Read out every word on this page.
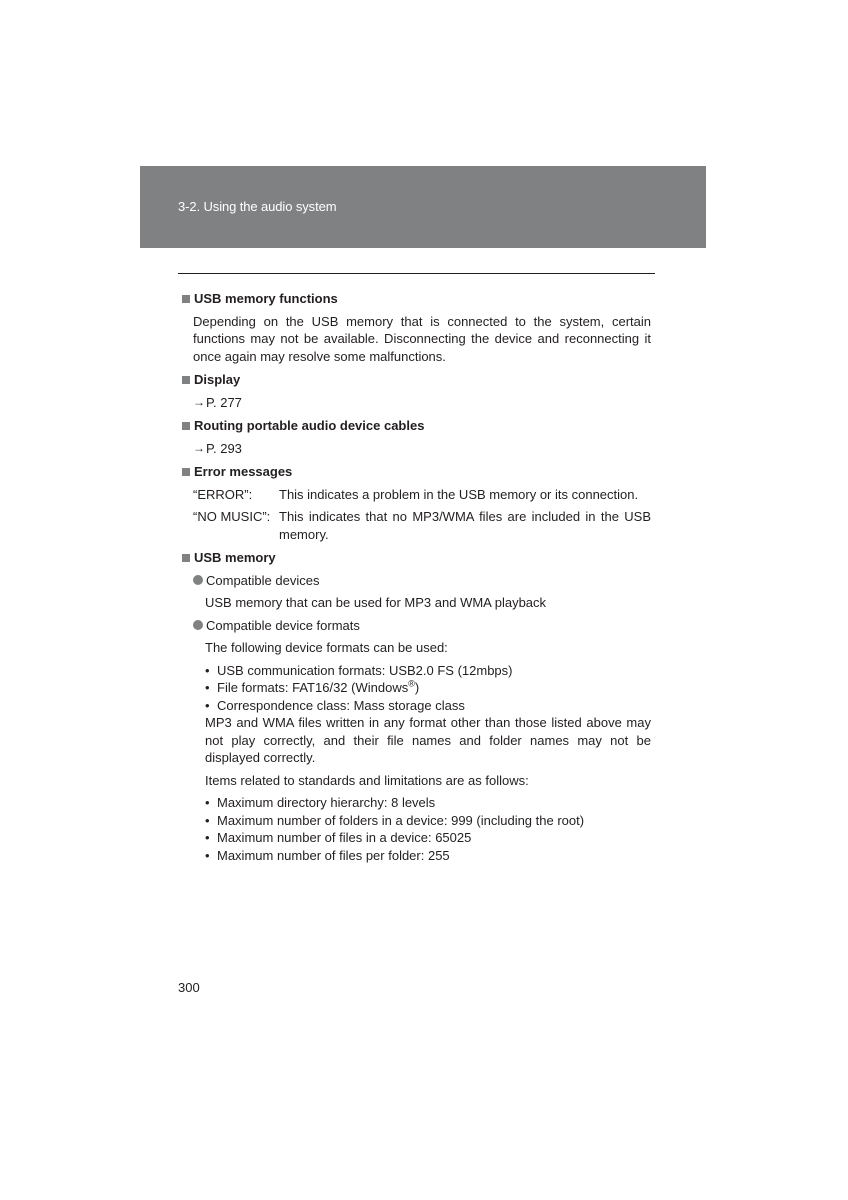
3-2. Using the audio system
USB memory functions
Depending on the USB memory that is connected to the system, certain functions may not be available. Disconnecting the device and reconnecting it once again may resolve some malfunctions.
Display
→ P. 277
Routing portable audio device cables
→ P. 293
Error messages
“ERROR”:	This indicates a problem in the USB memory or its connection.
“NO MUSIC”: This indicates that no MP3/WMA files are included in the USB memory.
USB memory
Compatible devices
USB memory that can be used for MP3 and WMA playback
Compatible device formats
The following device formats can be used:
• USB communication formats: USB2.0 FS (12mbps)
• File formats: FAT16/32 (Windows®)
• Correspondence class: Mass storage class
MP3 and WMA files written in any format other than those listed above may not play correctly, and their file names and folder names may not be displayed correctly.
Items related to standards and limitations are as follows:
• Maximum directory hierarchy: 8 levels
• Maximum number of folders in a device: 999 (including the root)
• Maximum number of files in a device: 65025
• Maximum number of files per folder: 255
300
